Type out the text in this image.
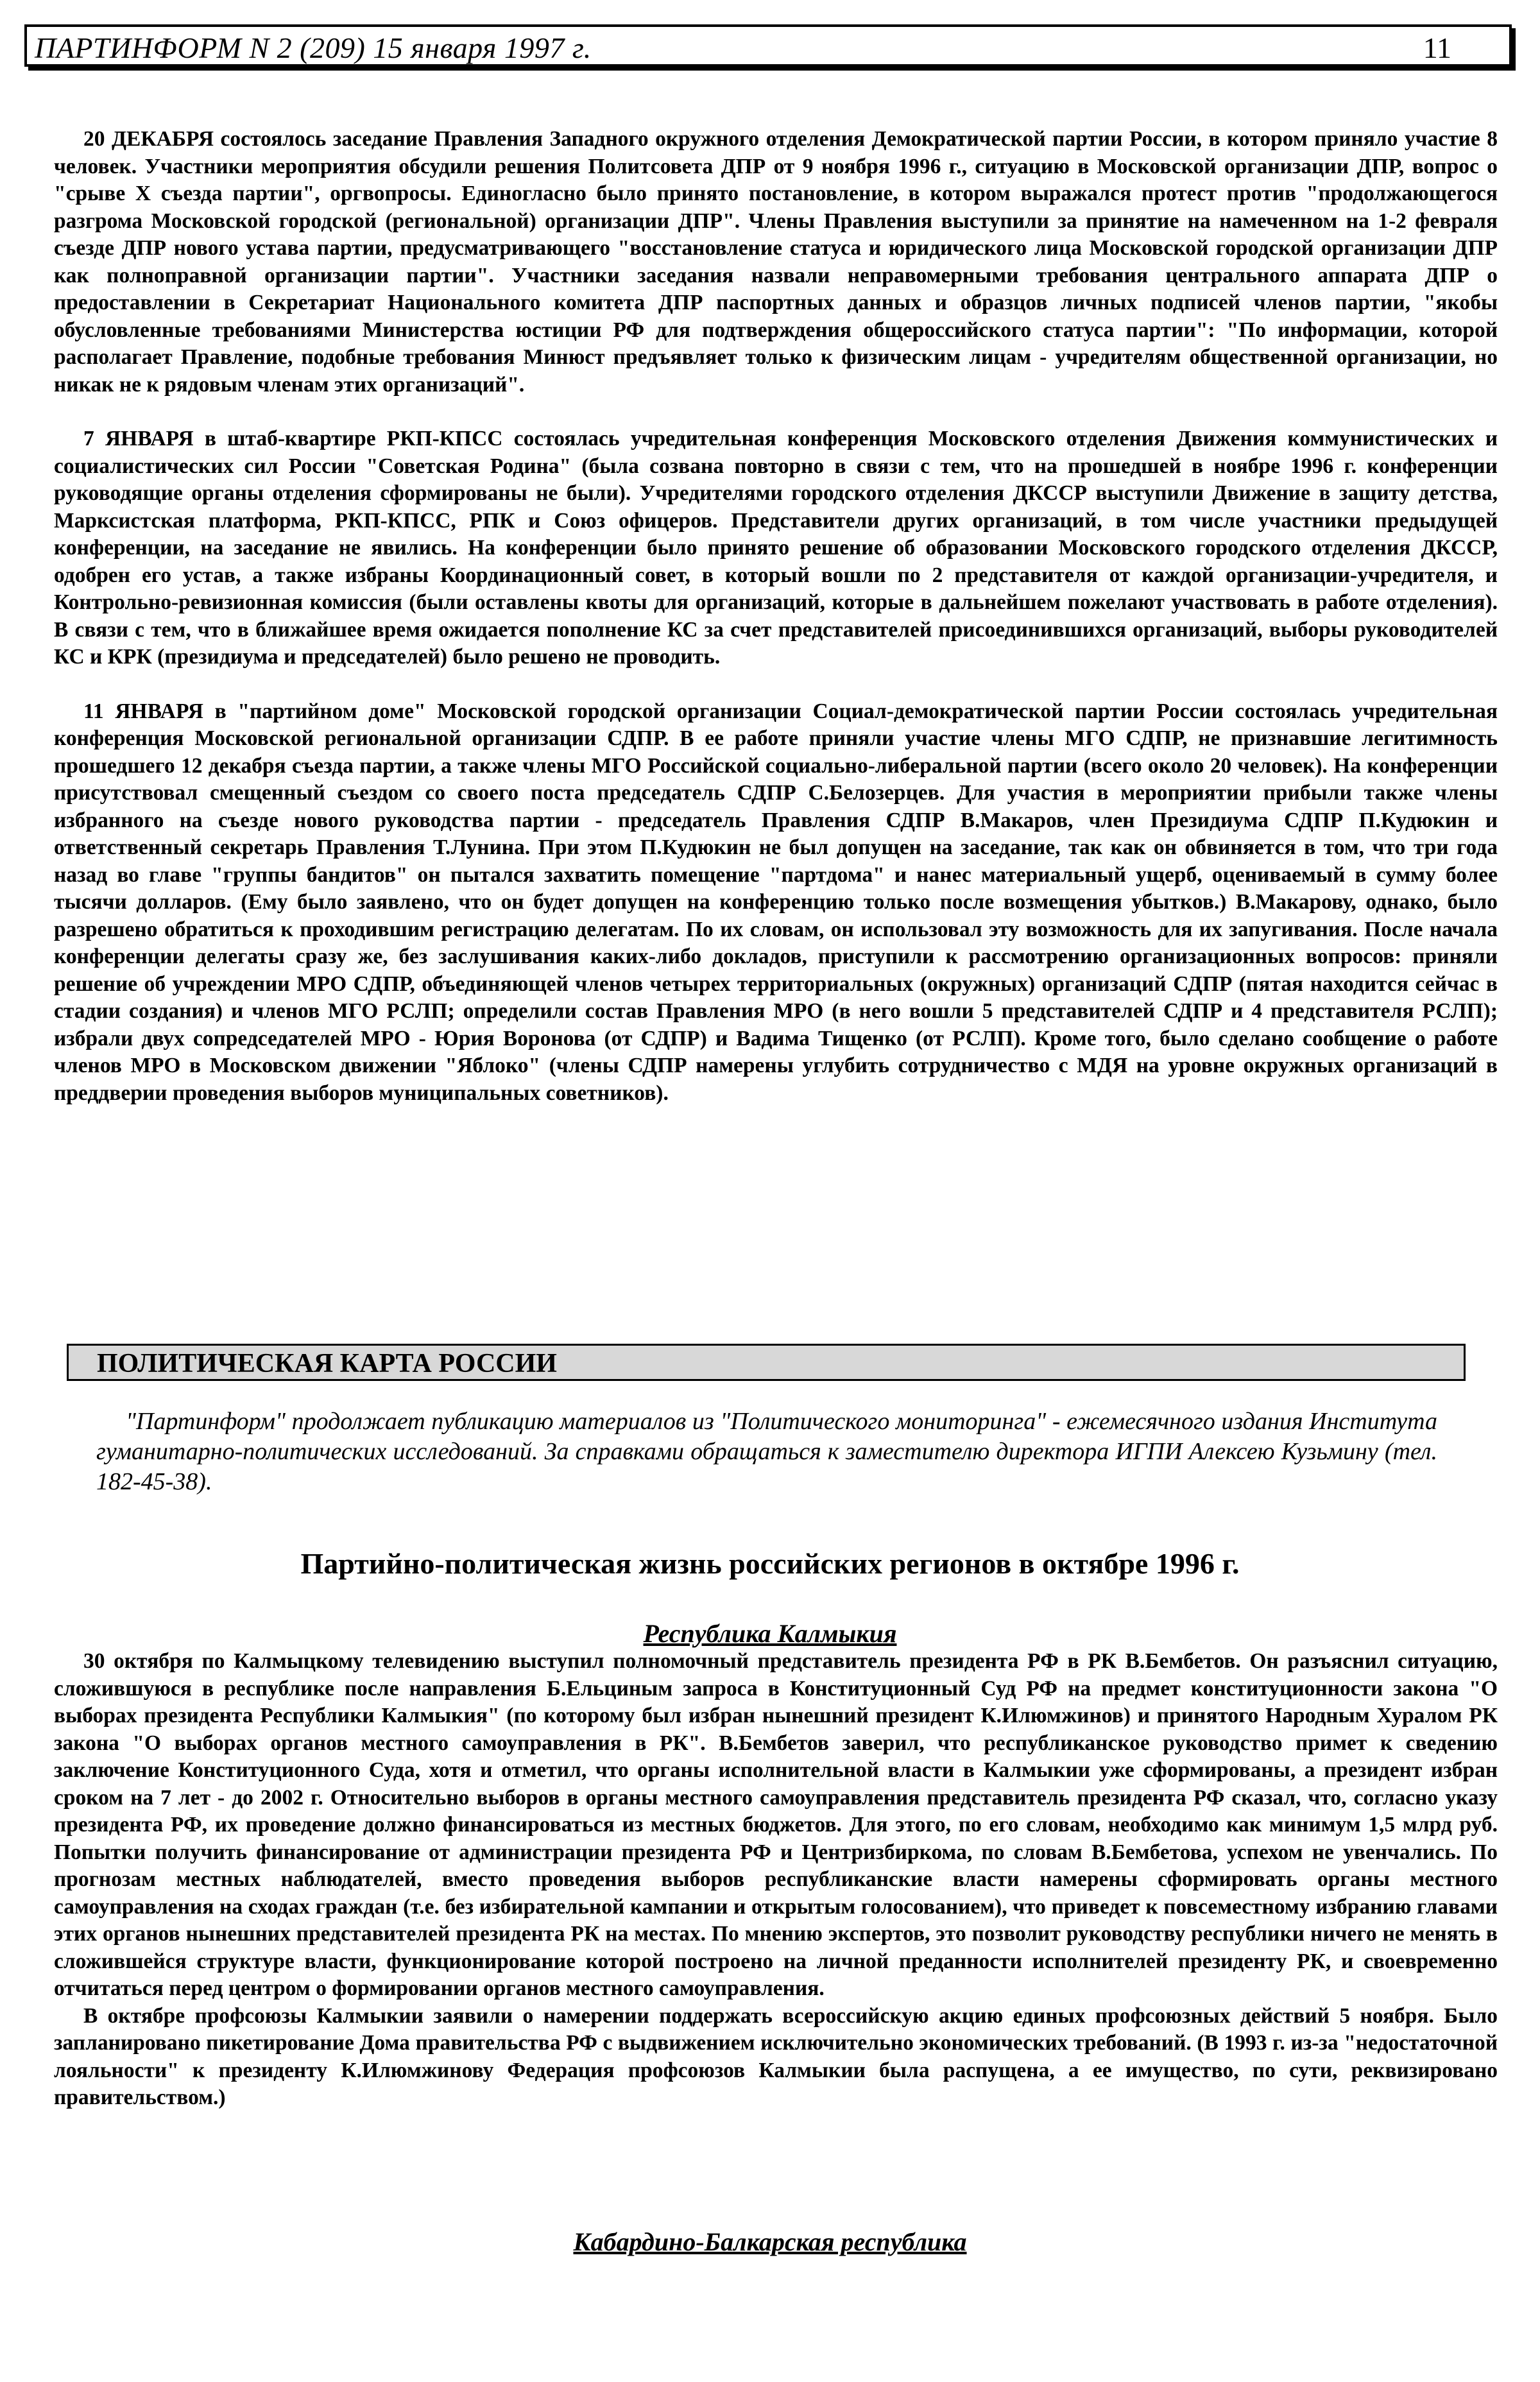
ПАРТИНФОРМ N 2 (209) 15 января 1997 г.	11

20 ДЕКАБРЯ состоялось заседание Правления Западного окружного отделения Демократической партии России, в котором приняло участие 8 человек. Участники мероприятия обсудили решения Политсовета ДПР от 9 ноября 1996 г., ситуацию в Московской организации ДПР, вопрос о "срыве X съезда партии", оргвопросы. Единогласно было принято постановление, в котором выражался протест против "продолжающегося разгрома Московской городской (региональной) организации ДПР". Члены Правления выступили за принятие на намеченном на 1-2 февраля съезде ДПР нового устава партии, предусматривающего "восстановление статуса и юридического лица Московской городской организации ДПР как полноправной организации партии". Участники заседания назвали неправомерными требования центрального аппарата ДПР о предоставлении в Секретариат Национального комитета ДПР паспортных данных и образцов личных подписей членов партии, "якобы обусловленные требованиями Министерства юстиции РФ для подтверждения общероссийского статуса партии": "По информации, которой располагает Правление, подобные требования Минюст предъявляет только к физическим лицам - учредителям общественной организации, но никак не к рядовым членам этих организаций".

7 ЯНВАРЯ в штаб-квартире РКП-КПСС состоялась учредительная конференция Московского отделения Движения коммунистических и социалистических сил России "Советская Родина" (была созвана повторно в связи с тем, что на прошедшей в ноябре 1996 г. конференции руководящие органы отделения сформированы не были). Учредителями городского отделения ДКССР выступили Движение в защиту детства, Марксистская платформа, РКП-КПСС, РПК и Союз офицеров. Представители других организаций, в том числе участники предыдущей конференции, на заседание не явились. На конференции было принято решение об образовании Московского городского отделения ДКССР, одобрен его устав, а также избраны Координационный совет, в который вошли по 2 представителя от каждой организации-учредителя, и Контрольно-ревизионная комиссия (были оставлены квоты для организаций, которые в дальнейшем пожелают участвовать в работе отделения). В связи с тем, что в ближайшее время ожидается пополнение КС за счет представителей присоединившихся организаций, выборы руководителей КС и КРК (президиума и председателей) было решено не проводить.

11 ЯНВАРЯ в "партийном доме" Московской городской организации Социал-демократической партии России состоялась учредительная конференция Московской региональной организации СДПР. В ее работе приняли участие члены МГО СДПР, не признавшие легитимность прошедшего 12 декабря съезда партии, а также члены МГО Российской социально-либеральной партии (всего около 20 человек). На конференции присутствовал смещенный съездом со своего поста председатель СДПР С.Белозерцев. Для участия в мероприятии прибыли также члены избранного на съезде нового руководства партии - председатель Правления СДПР В.Макаров, член Президиума СДПР П.Кудюкин и ответственный секретарь Правления Т.Лунина. При этом П.Кудюкин не был допущен на заседание, так как он обвиняется в том, что три года назад во главе "группы бандитов" он пытался захватить помещение "партдома" и нанес материальный ущерб, оцениваемый в сумму более тысячи долларов. (Ему было заявлено, что он будет допущен на конференцию только после возмещения убытков.) В.Макарову, однако, было разрешено обратиться к проходившим регистрацию делегатам. По их словам, он использовал эту возможность для их запугивания. После начала конференции делегаты сразу же, без заслушивания каких-либо докладов, приступили к рассмотрению организационных вопросов: приняли решение об учреждении МРО СДПР, объединяющей членов четырех территориальных (окружных) организаций СДПР (пятая находится сейчас в стадии создания) и членов МГО РСЛП; определили состав Правления МРО (в него вошли 5 представителей СДПР и 4 представителя РСЛП); избрали двух сопредседателей МРО - Юрия Воронова (от СДПР) и Вадима Тищенко (от РСЛП). Кроме того, было сделано сообщение о работе членов МРО в Московском движении "Яблоко" (члены СДПР намерены углубить сотрудничество с МДЯ на уровне окружных организаций в преддверии проведения выборов муниципальных советников).

ПОЛИТИЧЕСКАЯ КАРТА РОССИИ

"Партинформ" продолжает публикацию материалов из "Политического мониторинга" - ежемесячного издания Института гуманитарно-политических исследований. За справками обращаться к заместителю директора ИГПИ Алексею Кузьмину (тел. 182-45-38).

Партийно-политическая жизнь российских регионов в октябре 1996 г.

Республика Калмыкия

30 октября по Калмыцкому телевидению выступил полномочный представитель президента РФ в РК В.Бембетов. Он разъяснил ситуацию, сложившуюся в республике после направления Б.Ельциным запроса в Конституционный Суд РФ на предмет конституционности закона "О выборах президента Республики Калмыкия" (по которому был избран нынешний президент К.Илюмжинов) и принятого Народным Хуралом РК закона "О выборах органов местного самоуправления в РК". В.Бембетов заверил, что республиканское руководство примет к сведению заключение Конституционного Суда, хотя и отметил, что органы исполнительной власти в Калмыкии уже сформированы, а президент избран сроком на 7 лет - до 2002 г. Относительно выборов в органы местного самоуправления представитель президента РФ сказал, что, согласно указу президента РФ, их проведение должно финансироваться из местных бюджетов. Для этого, по его словам, необходимо как минимум 1,5 млрд руб. Попытки получить финансирование от администрации президента РФ и Центризбиркома, по словам В.Бембетова, успехом не увенчались. По прогнозам местных наблюдателей, вместо проведения выборов республиканские власти намерены сформировать органы местного самоуправления на сходах граждан (т.е. без избирательной кампании и открытым голосованием), что приведет к повсеместному избранию главами этих органов нынешних представителей президента РК на местах. По мнению экспертов, это позволит руководству республики ничего не менять в сложившейся структуре власти, функционирование которой построено на личной преданности исполнителей президенту РК, и своевременно отчитаться перед центром о формировании органов местного самоуправления.

В октябре профсоюзы Калмыкии заявили о намерении поддержать всероссийскую акцию единых профсоюзных действий 5 ноября. Было запланировано пикетирование Дома правительства РФ с выдвижением исключительно экономических требований. (В 1993 г. из-за "недостаточной лояльности" к президенту К.Илюмжинову Федерация профсоюзов Калмыкии была распущена, а ее имущество, по сути, реквизировано правительством.)

Кабардино-Балкарская республика
